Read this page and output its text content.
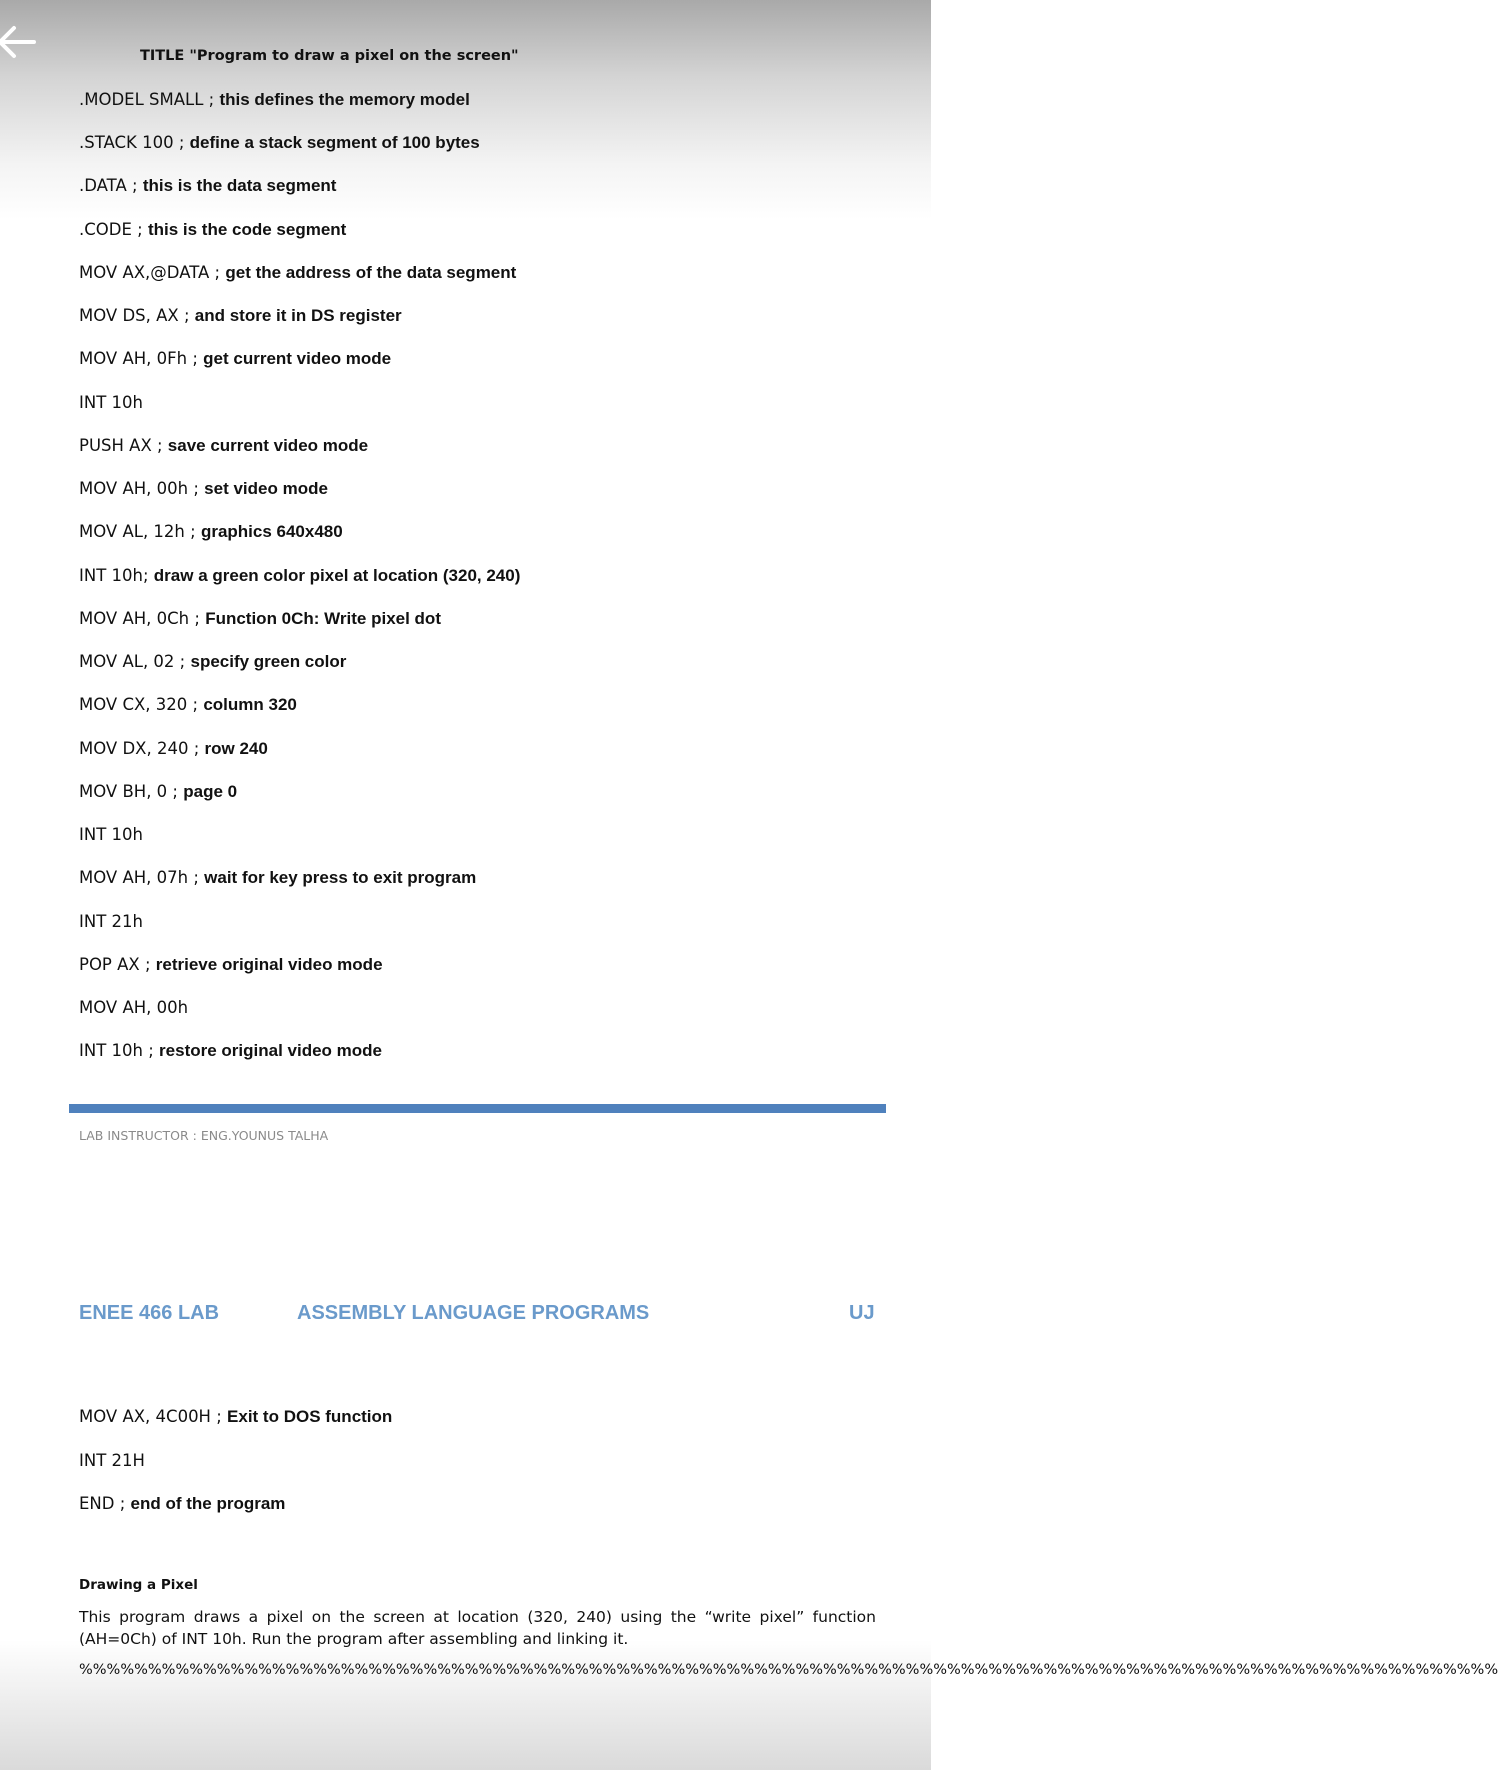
TITLE "Program to draw a pixel on the screen"
.MODEL SMALL ; this defines the memory model
.STACK 100 ; define a stack segment of 100 bytes
.DATA ; this is the data segment
.CODE ; this is the code segment
MOV AX,@DATA ; get the address of the data segment
MOV DS, AX ; and store it in DS register
MOV AH, 0Fh ; get current video mode
INT 10h
PUSH AX ; save current video mode
MOV AH, 00h ; set video mode
MOV AL, 12h ; graphics 640x480
INT 10h; draw a green color pixel at location (320, 240)
MOV AH, 0Ch ; Function 0Ch: Write pixel dot
MOV AL, 02 ; specify green color
MOV CX, 320 ; column 320
MOV DX, 240 ; row 240
MOV BH, 0 ; page 0
INT 10h
MOV AH, 07h ; wait for key press to exit program
INT 21h
POP AX ; retrieve original video mode
MOV AH, 00h
INT 10h ; restore original video mode
LAB INSTRUCTOR : ENG.YOUNUS TALHA
ENEE 466 LAB	ASSEMBLY LANGUAGE PROGRAMS	UJ
MOV AX, 4C00H ; Exit to DOS function
INT 21H
END ; end of the program
Drawing a Pixel
This program draws a pixel on the screen at location (320, 240) using the “write pixel” function (AH=0Ch) of INT 10h. Run the program after assembling and linking it.
%%%%%%%%%%%%%%%%%%%%%%%%%%%%%%%%%%%%%%%%%%%%%%%%%%%%%%%%%%%%%%%%%%%%%%%%%%%%%%%%%%%%%%%%%%%%%%%%%%%%%%%
